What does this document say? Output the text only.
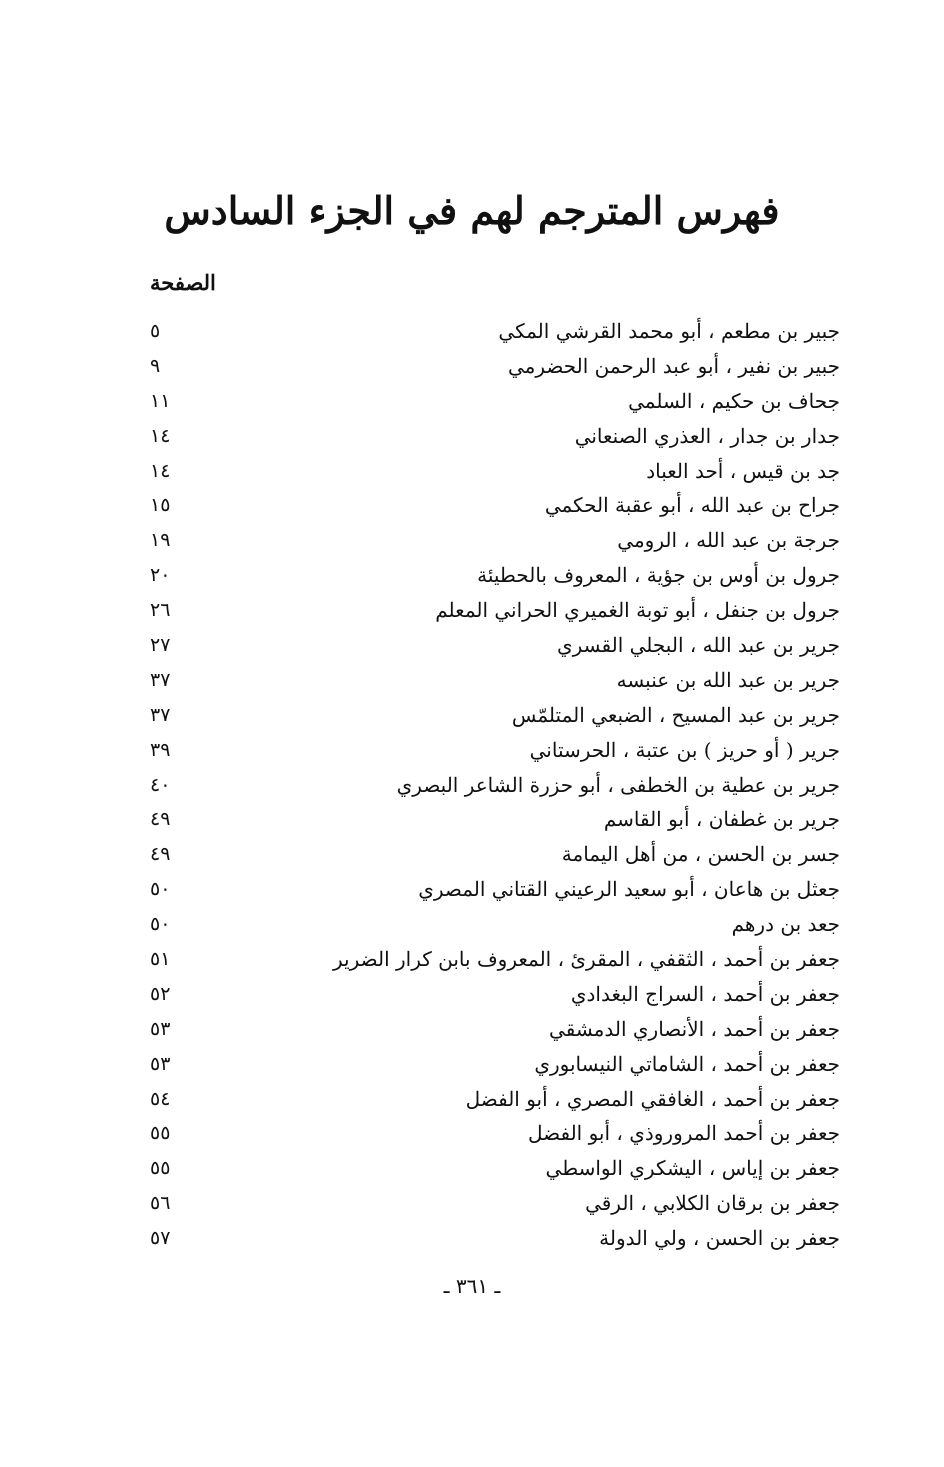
فهرس المترجم لهم في الجزء السادس
الصفحة
جبير بن مطعم ، أبو محمد القرشي المكي
٥
جبير بن نفير ، أبو عبد الرحمن الحضرمي
٩
جحاف بن حكيم ، السلمي
١١
جدار بن جدار ، العذري الصنعاني
١٤
جد بن قيس ، أحد العباد
١٤
جراح بن عبد الله ، أبو عقبة الحكمي
١٥
جرجة بن عبد الله ، الرومي
١٩
جرول بن أوس بن جؤية ، المعروف بالحطيئة
٢٠
جرول بن جنفل ، أبو توبة الغميري الحراني المعلم
٢٦
جرير بن عبد الله ، البجلي القسري
٢٧
جرير بن عبد الله بن عنبسه
٣٧
جرير بن عبد المسيح ، الضبعي المتلمّس
٣٧
جرير ( أو حريز ) بن عتبة ، الحرستاني
٣٩
جرير بن عطية بن الخطفى ، أبو حزرة الشاعر البصري
٤٠
جرير بن غطفان ، أبو القاسم
٤٩
جسر بن الحسن ، من أهل اليمامة
٤٩
جعثل بن هاعان ، أبو سعيد الرعيني القتاني المصري
٥٠
جعد بن درهم
٥٠
جعفر بن أحمد ، الثقفي ، المقرئ ، المعروف بابن كرار الضرير
٥١
جعفر بن أحمد ، السراج البغدادي
٥٢
جعفر بن أحمد ، الأنصاري الدمشقي
٥٣
جعفر بن أحمد ، الشاماتي النيسابوري
٥٣
جعفر بن أحمد ، الغافقي المصري ، أبو الفضل
٥٤
جعفر بن أحمد المروروذي ، أبو الفضل
٥٥
جعفر بن إياس ، اليشكري الواسطي
٥٥
جعفر بن برقان الكلابي ، الرقي
٥٦
جعفر بن الحسن ، ولي الدولة
٥٧
ـ ٣٦١ ـ
